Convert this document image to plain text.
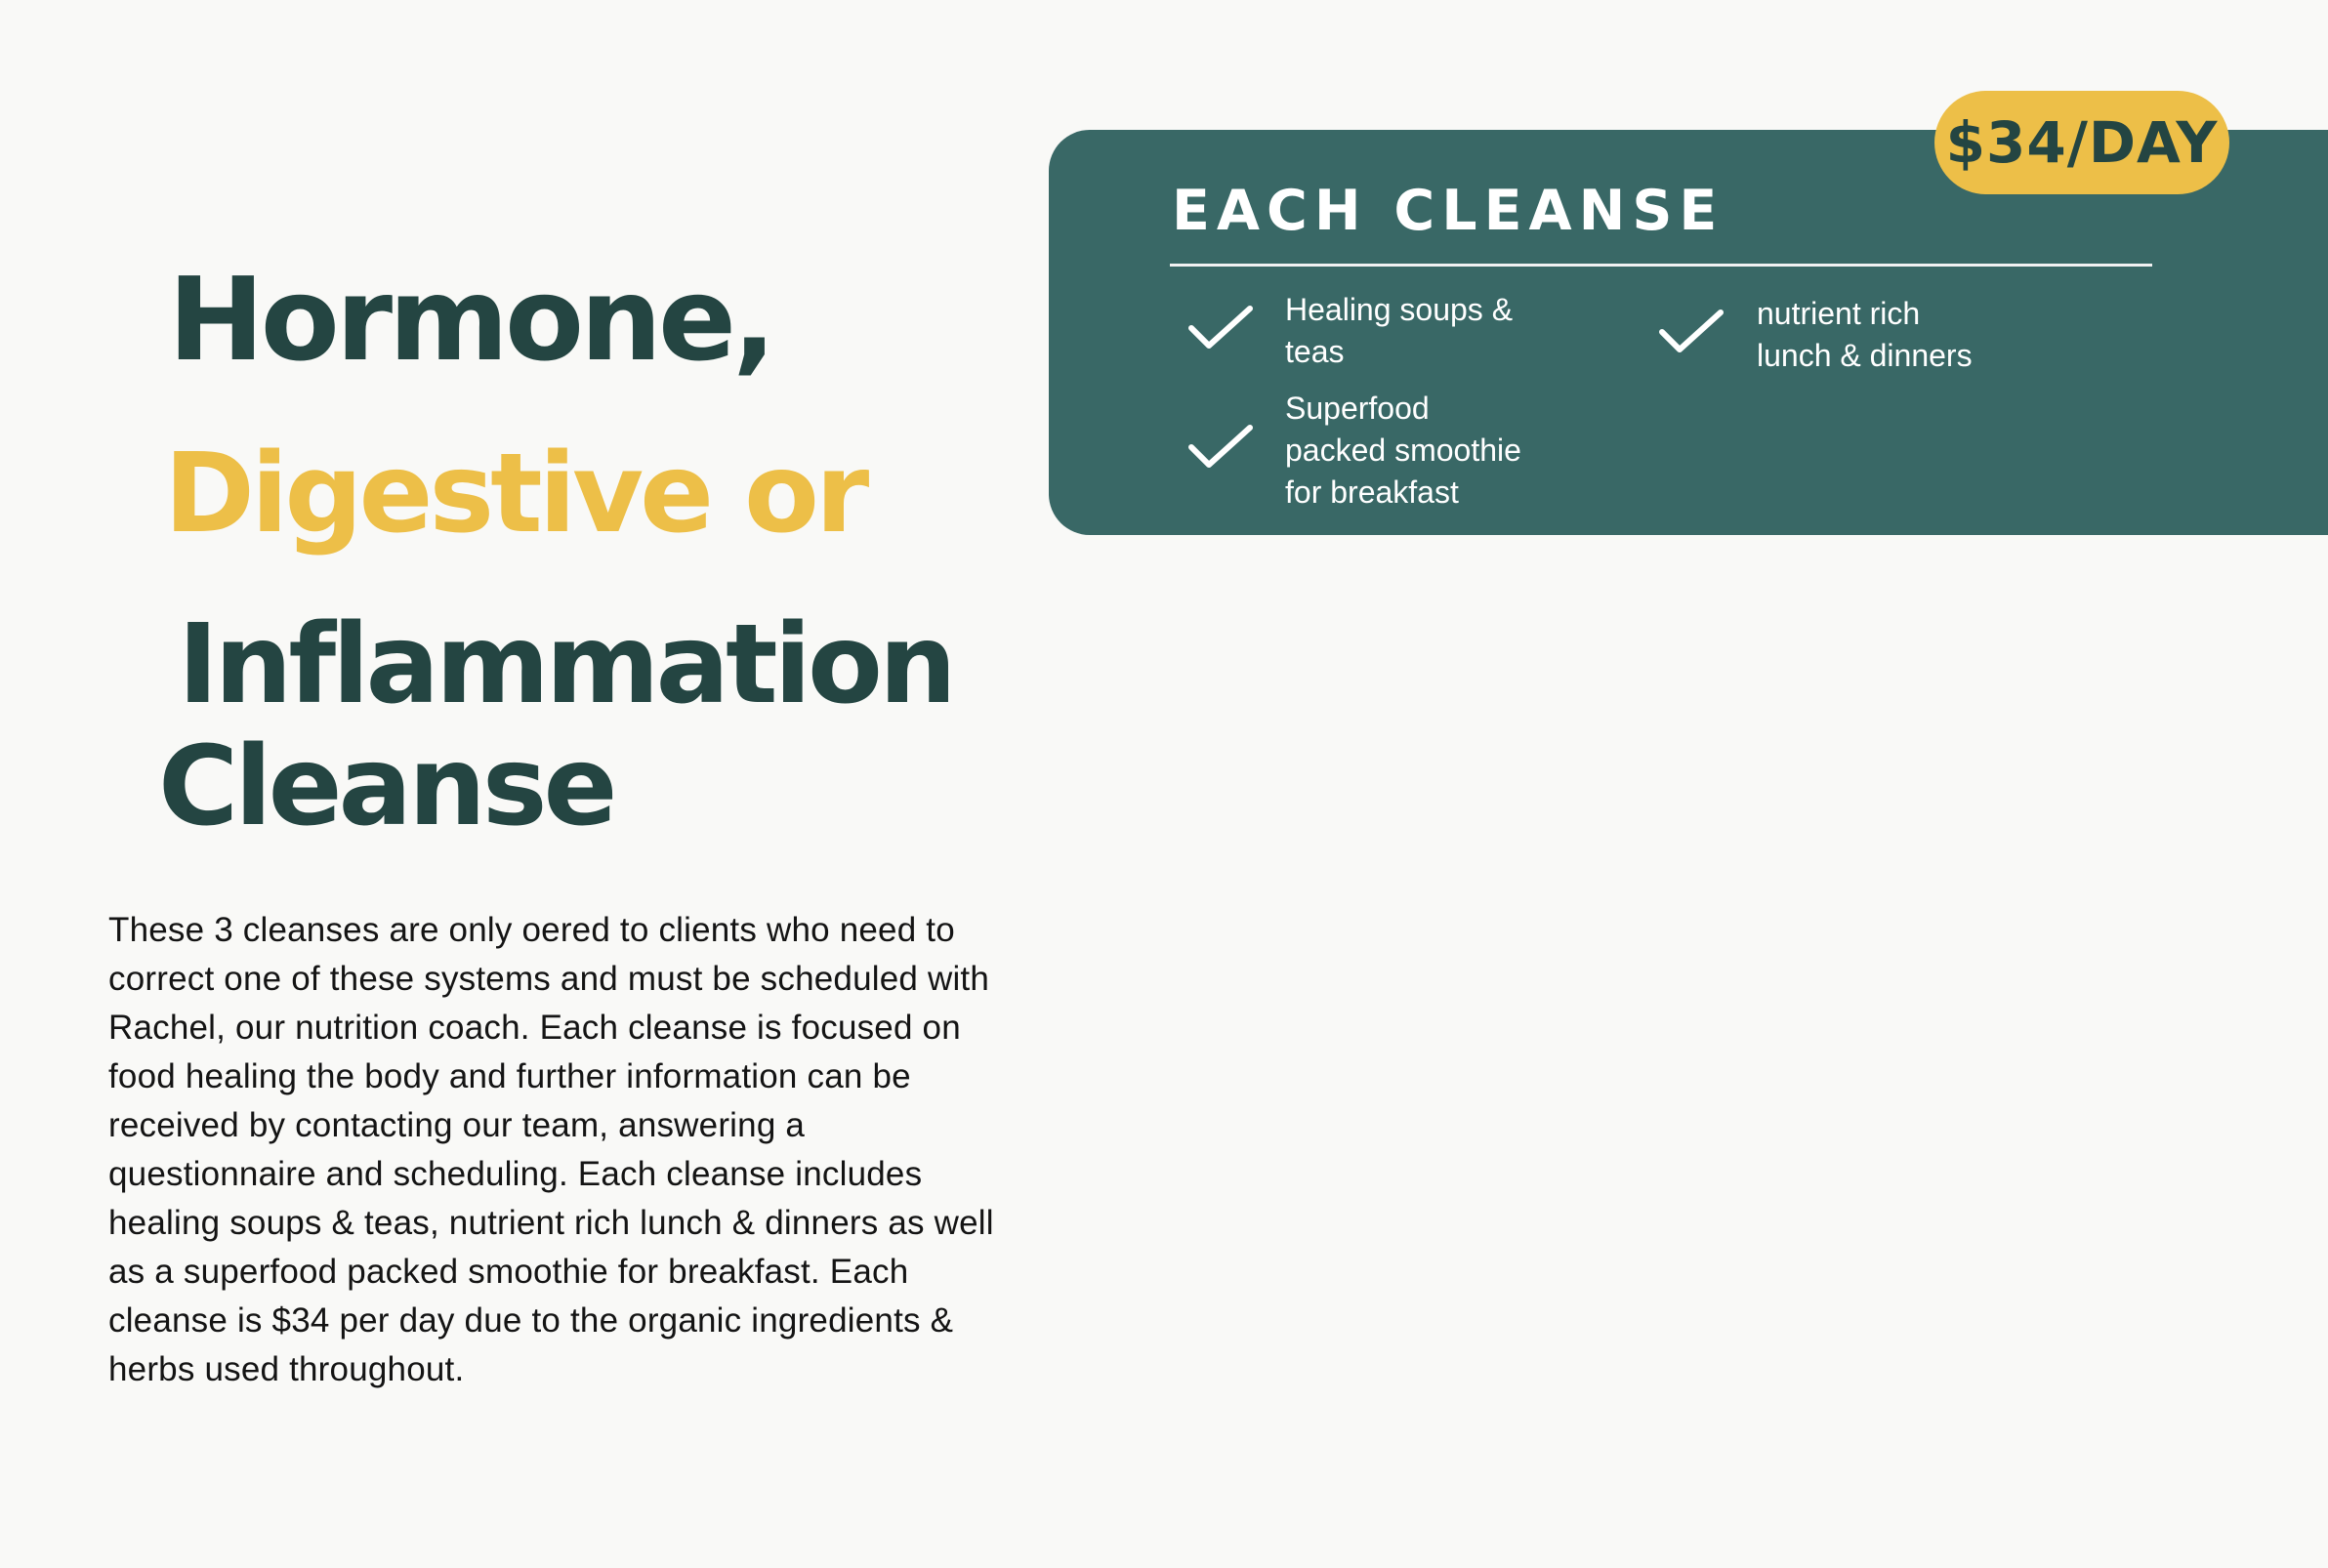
Hormone,
Digestive or
Inflammation
Cleanse

These 3 cleanses are only oered to clients who need to correct one of these systems and must be scheduled with Rachel, our nutrition coach. Each cleanse is focused on food healing the body and further information can be received by contacting our team, answering a questionnaire and scheduling. Each cleanse includes healing soups & teas, nutrient rich lunch & dinners as well as a superfood packed smoothie for breakfast. Each cleanse is $34 per day due to the organic ingredients & herbs used throughout.

EACH CLEANSE

Healing soups &
teas

nutrient rich
lunch & dinners

Superfood
packed smoothie
for breakfast

$34/DAY
